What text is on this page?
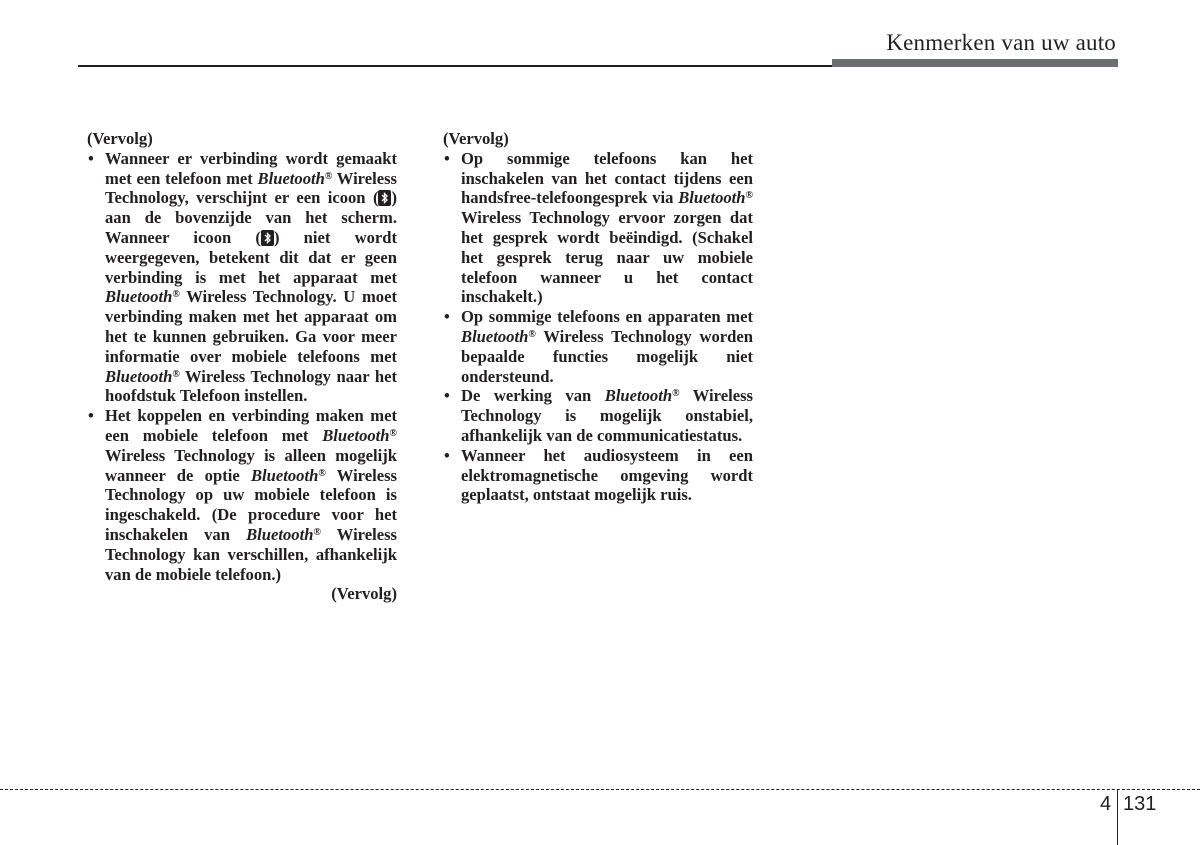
Kenmerken van uw auto
(Vervolg)
• Wanneer er verbinding wordt gemaakt met een telefoon met Bluetooth® Wireless Technology, verschijnt er een icoon ( ) aan de bovenzijde van het scherm. Wanneer icoon ( ) niet wordt weergegeven, betekent dit dat er geen verbinding is met het apparaat met Bluetooth® Wireless Technology. U moet verbinding maken met het apparaat om het te kunnen gebruiken. Ga voor meer informatie over mobiele telefoons met Bluetooth® Wireless Technology naar het hoofdstuk Telefoon instellen.
• Het koppelen en verbinding maken met een mobiele telefoon met Bluetooth® Wireless Technology is alleen mogelijk wanneer de optie Bluetooth® Wireless Technology op uw mobiele telefoon is ingeschakeld. (De procedure voor het inschakelen van Bluetooth® Wireless Technology kan verschillen, afhankelijk van de mobiele telefoon.)
(Vervolg)
(Vervolg)
• Op sommige telefoons kan het inschakelen van het contact tijdens een handsfree-telefoongesprek via Bluetooth® Wireless Technology ervoor zorgen dat het gesprek wordt beëindigd. (Schakel het gesprek terug naar uw mobiele telefoon wanneer u het contact inschakelt.)
• Op sommige telefoons en apparaten met Bluetooth® Wireless Technology worden bepaalde functies mogelijk niet ondersteund.
• De werking van Bluetooth® Wireless Technology is mogelijk onstabiel, afhankelijk van de communicatiestatus.
• Wanneer het audiosysteem in een elektromagnetische omgeving wordt geplaatst, ontstaat mogelijk ruis.
4 131
